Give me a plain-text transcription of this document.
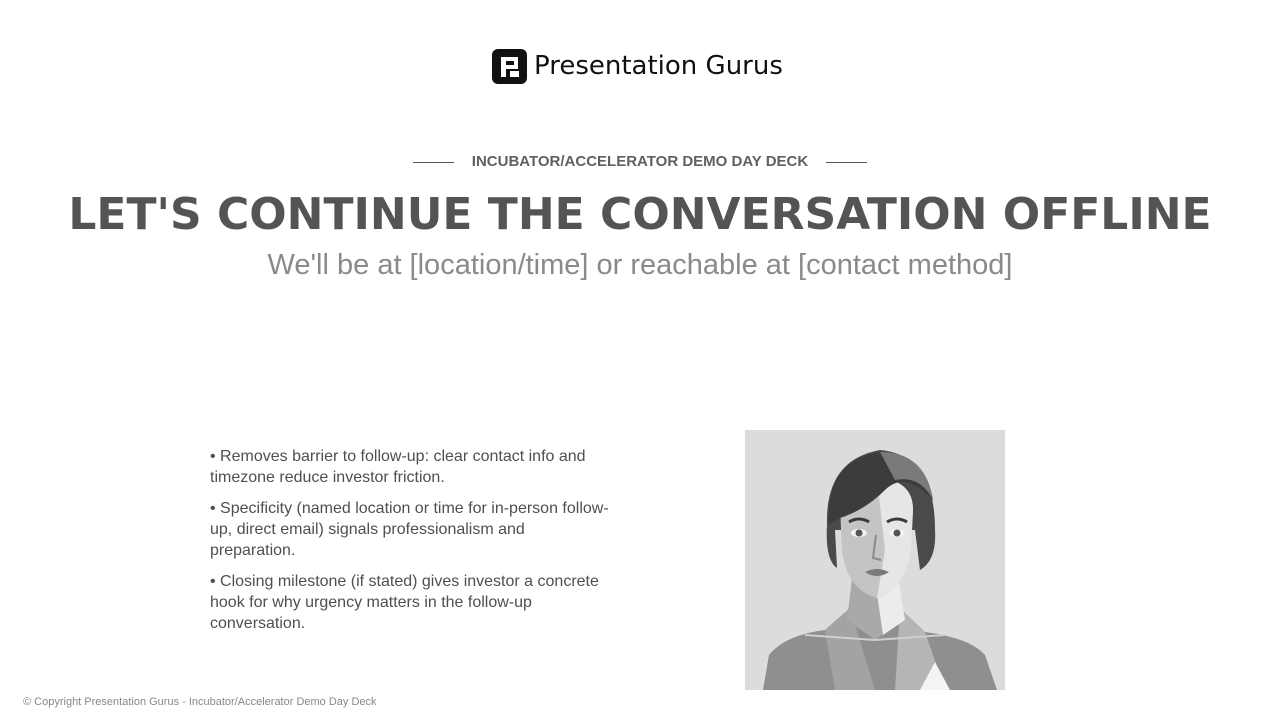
Presentation Gurus
INCUBATOR/ACCELERATOR DEMO DAY DECK
LET'S CONTINUE THE CONVERSATION OFFLINE
We'll be at [location/time] or reachable at [contact method]
• Removes barrier to follow-up: clear contact info and timezone reduce investor friction.
• Specificity (named location or time for in-person follow-up, direct email) signals professionalism and preparation.
• Closing milestone (if stated) gives investor a concrete hook for why urgency matters in the follow-up conversation.
© Copyright Presentation Gurus - Incubator/Accelerator Demo Day Deck
